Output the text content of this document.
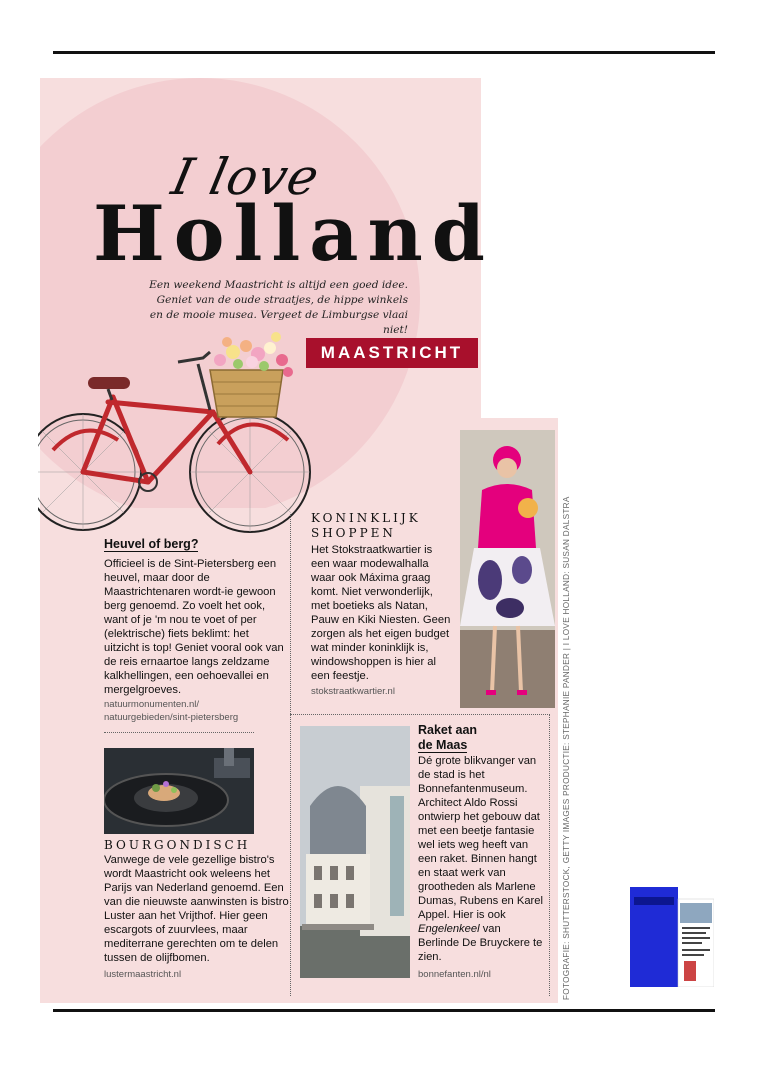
I love
Holland
Een weekend Maastricht is altijd een goed idee. Geniet van de oude straatjes, de hippe winkels en de mooie musea. Vergeet de Limburgse vlaai niet!
MAASTRICHT
Heuvel of berg?
Officieel is de Sint-Pietersberg een heuvel, maar door de Maastrichtenaren wordt-ie gewoon berg genoemd. Zo voelt het ook, want of je 'm nou te voet of per (elektrische) fiets beklimt: het uitzicht is top! Geniet vooral ook van de reis ernaartoe langs zeldzame kalkhellingen, een oehoevallei en mergelgroeves.
natuurmonumenten.nl/ natuurgebieden/sint-pietersberg
KONINKLIJK
SHOPPEN
Het Stokstraatkwartier is een waar modewalhalla waar ook Máxima graag komt. Niet verwonderlijk, met boetieks als Natan, Pauw en Kiki Niesten. Geen zorgen als het eigen budget wat minder koninklijk is, windowshoppen is hier al een feestje.
stokstraatkwartier.nl
BOURGONDISCH
Vanwege de vele gezellige bistro's wordt Maastricht ook weleens het Parijs van Nederland genoemd. Een van die nieuwste aanwinsten is bistro Luster aan het Vrijthof. Hier geen escargots of zuurvlees, maar mediterrane gerechten om te delen tussen de olijfbomen.
lustermaastricht.nl
Raket aan
de Maas
Dé grote blikvanger van de stad is het Bonnefantenmuseum. Architect Aldo Rossi ontwierp het gebouw dat met een beetje fantasie wel iets weg heeft van een raket. Binnen hangt en staat werk van grootheden als Marlene Dumas, Rubens en Karel Appel. Hier is ook Engelenkeel van Berlinde De Bruyckere te zien.
bonnefanten.nl/nl	FOTOGRAFIE: SHUTTERSTOCK, GETTY IMAGES PRODUCTIE: STEPHANIE PANDER | I LOVE HOLLAND: SUSAN DALSTRA
